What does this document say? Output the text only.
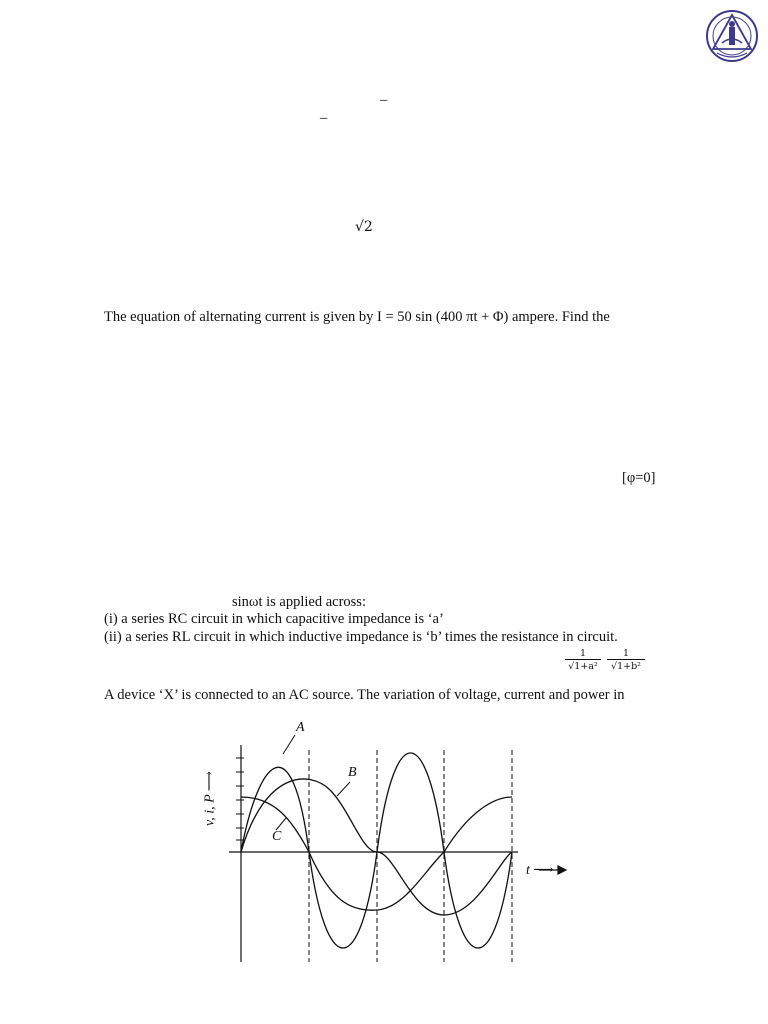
–
–
√2
The equation of alternating current is given by I = 50 sin (400 πt + Φ) ampere. Find the
[φ=0]
sinωt is applied across:
(i) a series RC circuit in which capacitive impedance is ‘a’
(ii) a series RL circuit in which inductive impedance is ‘b’ times the resistance in circuit.
$\frac{1}{\text{√1+a²}} \frac{1}{\text{√1+b²}}$
A device ‘X’ is connected to an AC source. The variation of voltage, current and power in
A
B
C
t ⟶
v, i, P ⟶
